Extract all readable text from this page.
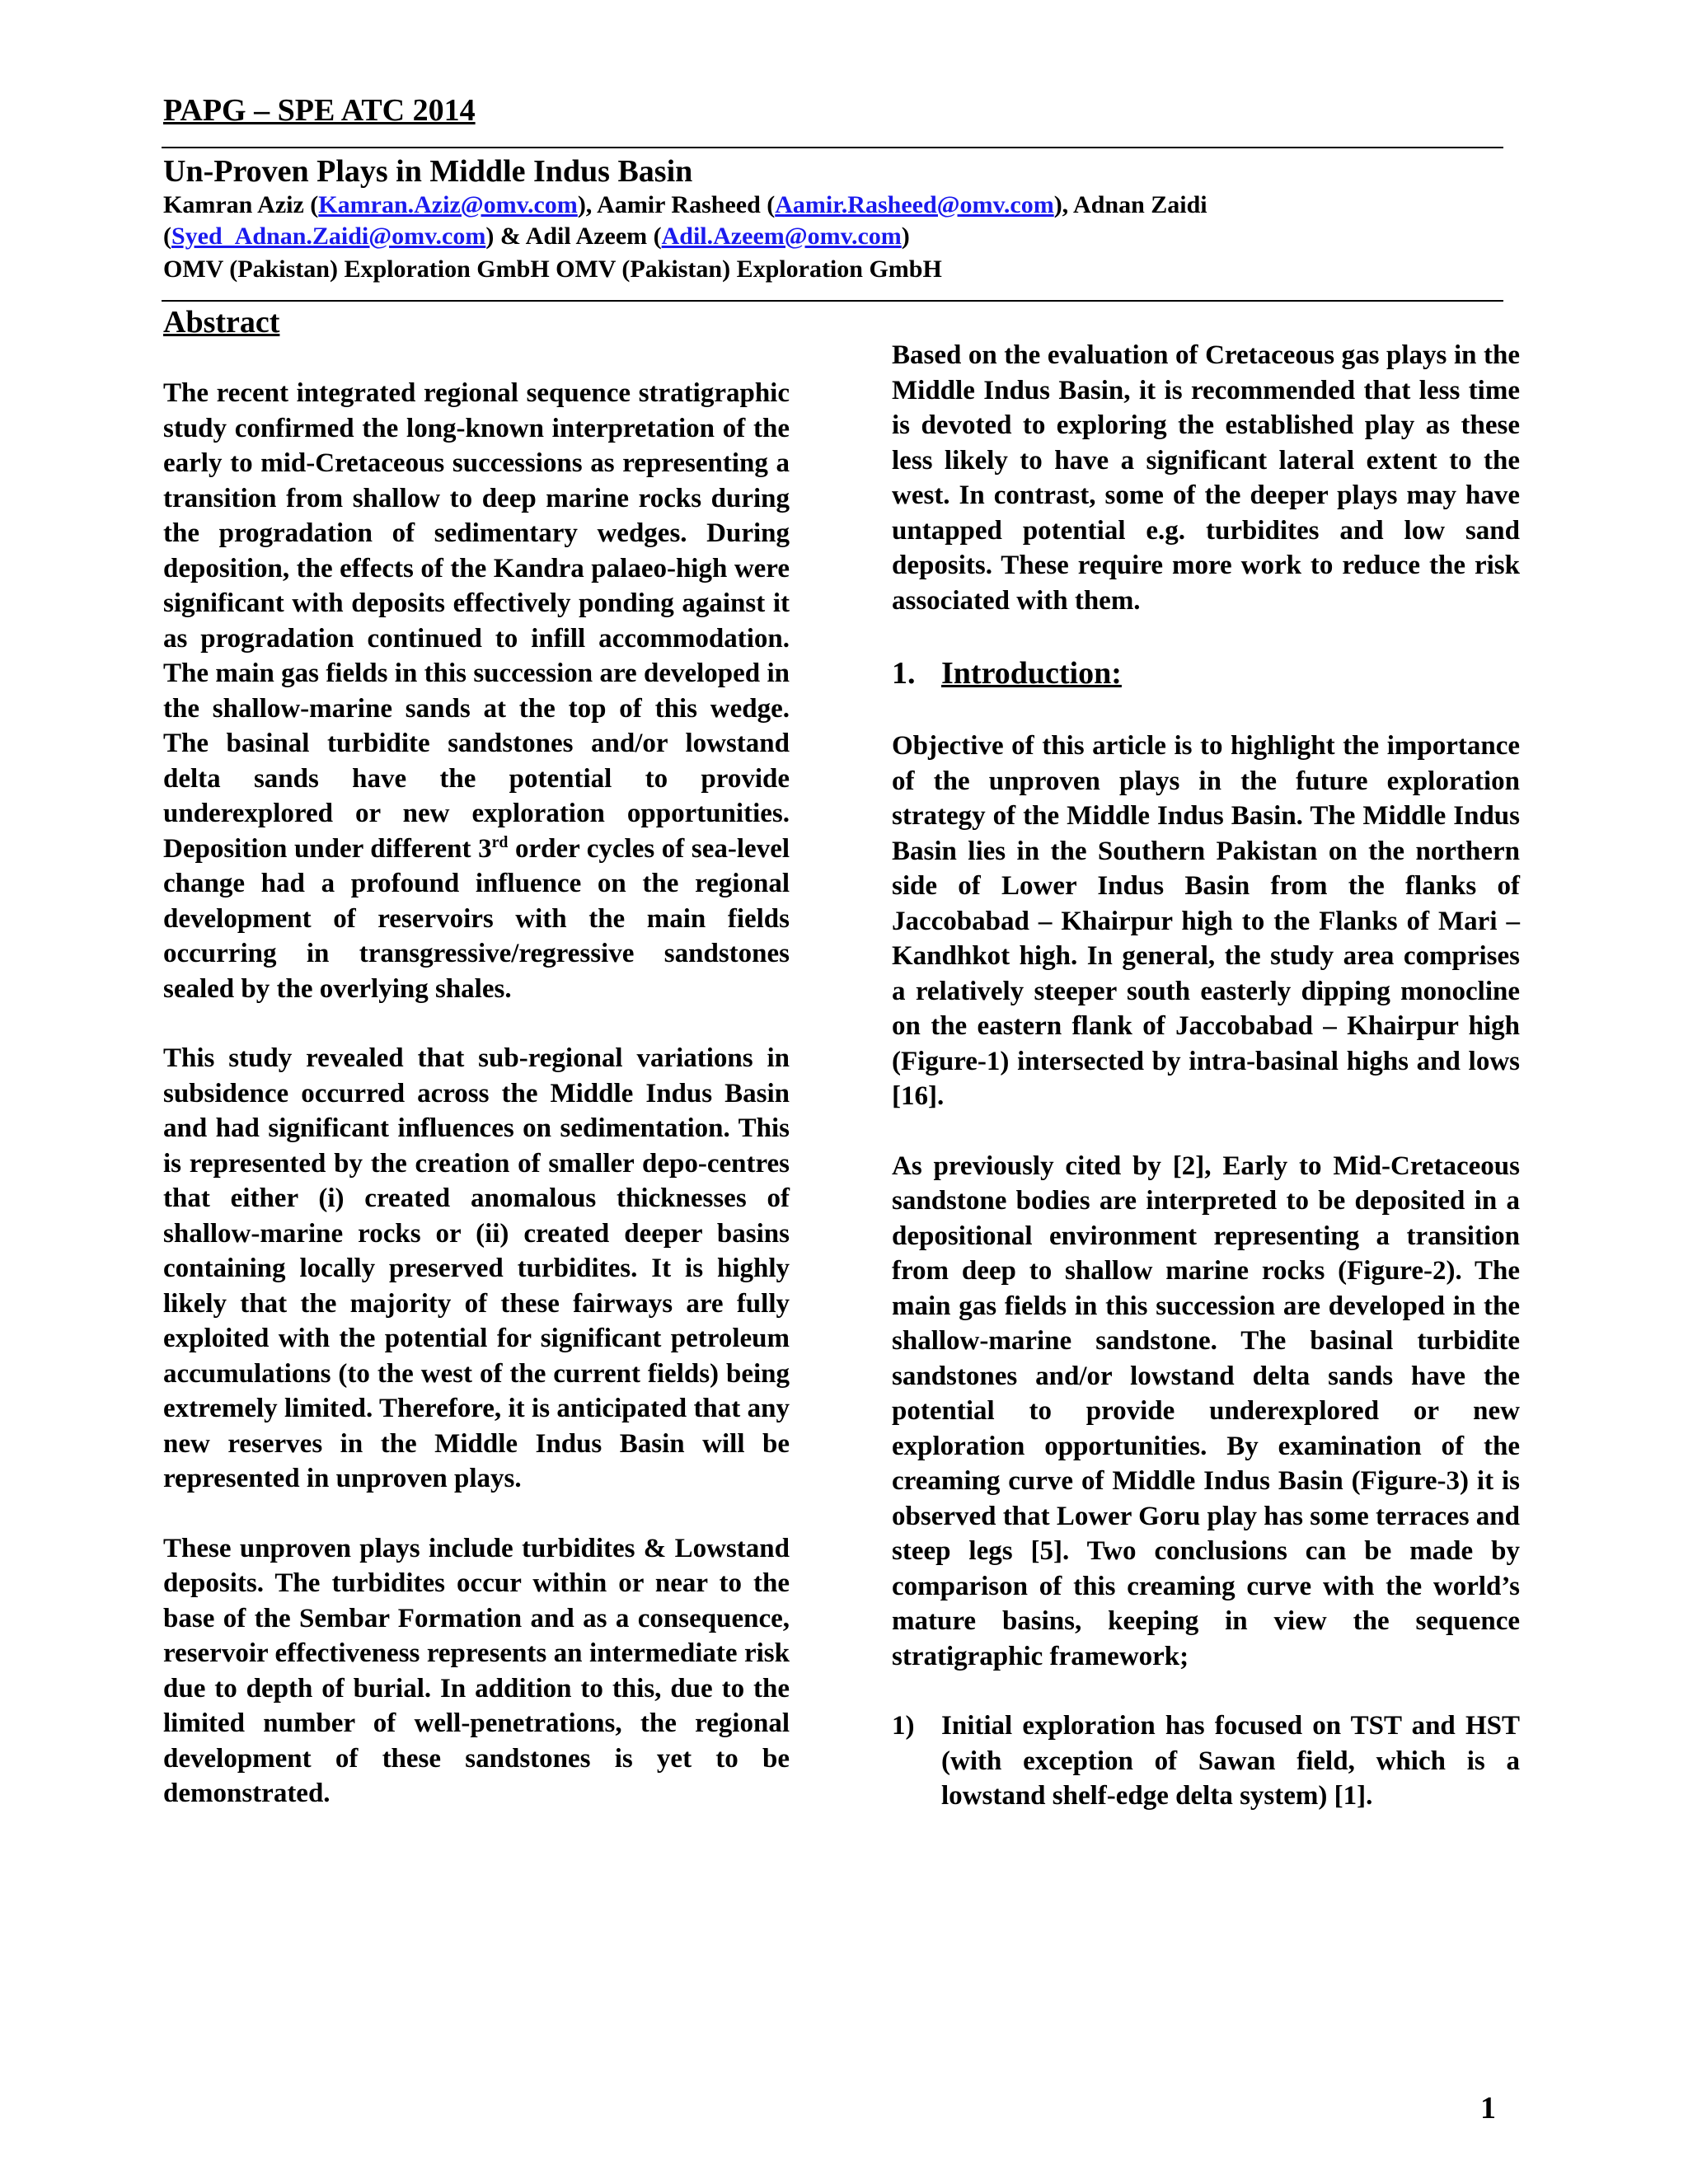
PAPG – SPE ATC 2014
Un-Proven Plays in Middle Indus Basin
Kamran Aziz (Kamran.Aziz@omv.com), Aamir Rasheed (Aamir.Rasheed@omv.com), Adnan Zaidi (Syed_Adnan.Zaidi@omv.com) & Adil Azeem (Adil.Azeem@omv.com)
OMV (Pakistan) Exploration GmbH OMV (Pakistan) Exploration GmbH
Abstract

The recent integrated regional sequence stratigraphic study confirmed the long-known interpretation of the early to mid-Cretaceous successions as representing a transition from shallow to deep marine rocks during the progradation of sedimentary wedges. During deposition, the effects of the Kandra palaeo-high were significant with deposits effectively ponding against it as progradation continued to infill accommodation. The main gas fields in this succession are developed in the shallow-marine sands at the top of this wedge. The basinal turbidite sandstones and/or lowstand delta sands have the potential to provide underexplored or new exploration opportunities. Deposition under different 3rd order cycles of sea-level change had a profound influence on the regional development of reservoirs with the main fields occurring in transgressive/regressive sandstones sealed by the overlying shales.

This study revealed that sub-regional variations in subsidence occurred across the Middle Indus Basin and had significant influences on sedimentation. This is represented by the creation of smaller depo-centres that either (i) created anomalous thicknesses of shallow-marine rocks or (ii) created deeper basins containing locally preserved turbidites. It is highly likely that the majority of these fairways are fully exploited with the potential for significant petroleum accumulations (to the west of the current fields) being extremely limited. Therefore, it is anticipated that any new reserves in the Middle Indus Basin will be represented in unproven plays.

These unproven plays include turbidites & Lowstand deposits. The turbidites occur within or near to the base of the Sembar Formation and as a consequence, reservoir effectiveness represents an intermediate risk due to depth of burial. In addition to this, due to the limited number of well-penetrations, the regional development of these sandstones is yet to be demonstrated.

Based on the evaluation of Cretaceous gas plays in the Middle Indus Basin, it is recommended that less time is devoted to exploring the established play as these less likely to have a significant lateral extent to the west. In contrast, some of the deeper plays may have untapped potential e.g. turbidites and low sand deposits. These require more work to reduce the risk associated with them.

1. Introduction:

Objective of this article is to highlight the importance of the unproven plays in the future exploration strategy of the Middle Indus Basin. The Middle Indus Basin lies in the Southern Pakistan on the northern side of Lower Indus Basin from the flanks of Jaccobabad – Khairpur high to the Flanks of Mari – Kandhkot high. In general, the study area comprises a relatively steeper south easterly dipping monocline on the eastern flank of Jaccobabad – Khairpur high (Figure-1) intersected by intra-basinal highs and lows [16].

As previously cited by [2], Early to Mid-Cretaceous sandstone bodies are interpreted to be deposited in a depositional environment representing a transition from deep to shallow marine rocks (Figure-2). The main gas fields in this succession are developed in the shallow-marine sandstone. The basinal turbidite sandstones and/or lowstand delta sands have the potential to provide underexplored or new exploration opportunities. By examination of the creaming curve of Middle Indus Basin (Figure-3) it is observed that Lower Goru play has some terraces and steep legs [5]. Two conclusions can be made by comparison of this creaming curve with the world’s mature basins, keeping in view the sequence stratigraphic framework;

1) Initial exploration has focused on TST and HST (with exception of Sawan field, which is a lowstand shelf-edge delta system) [1].
1
